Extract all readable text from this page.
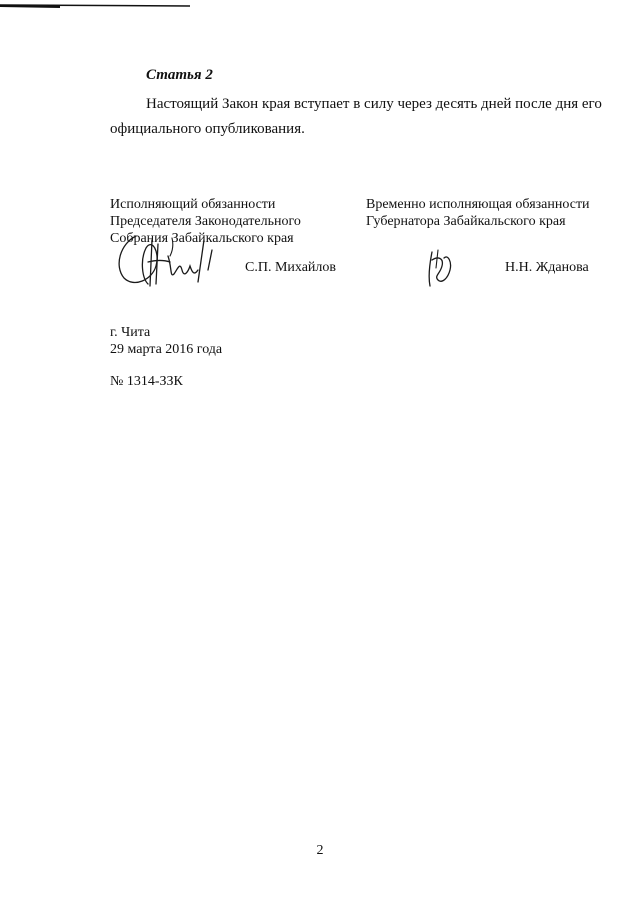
Статья 2
Настоящий Закон края вступает в силу через десять дней после дня его
официального опубликования.
Исполняющий обязанности
Председателя Законодательного
Собрания Забайкальского края
С.П. Михайлов
Временно исполняющая обязанности
Губернатора Забайкальского края
Н.Н. Жданова
г. Чита
29 марта 2016 года
№ 1314-ЗЗК
2
